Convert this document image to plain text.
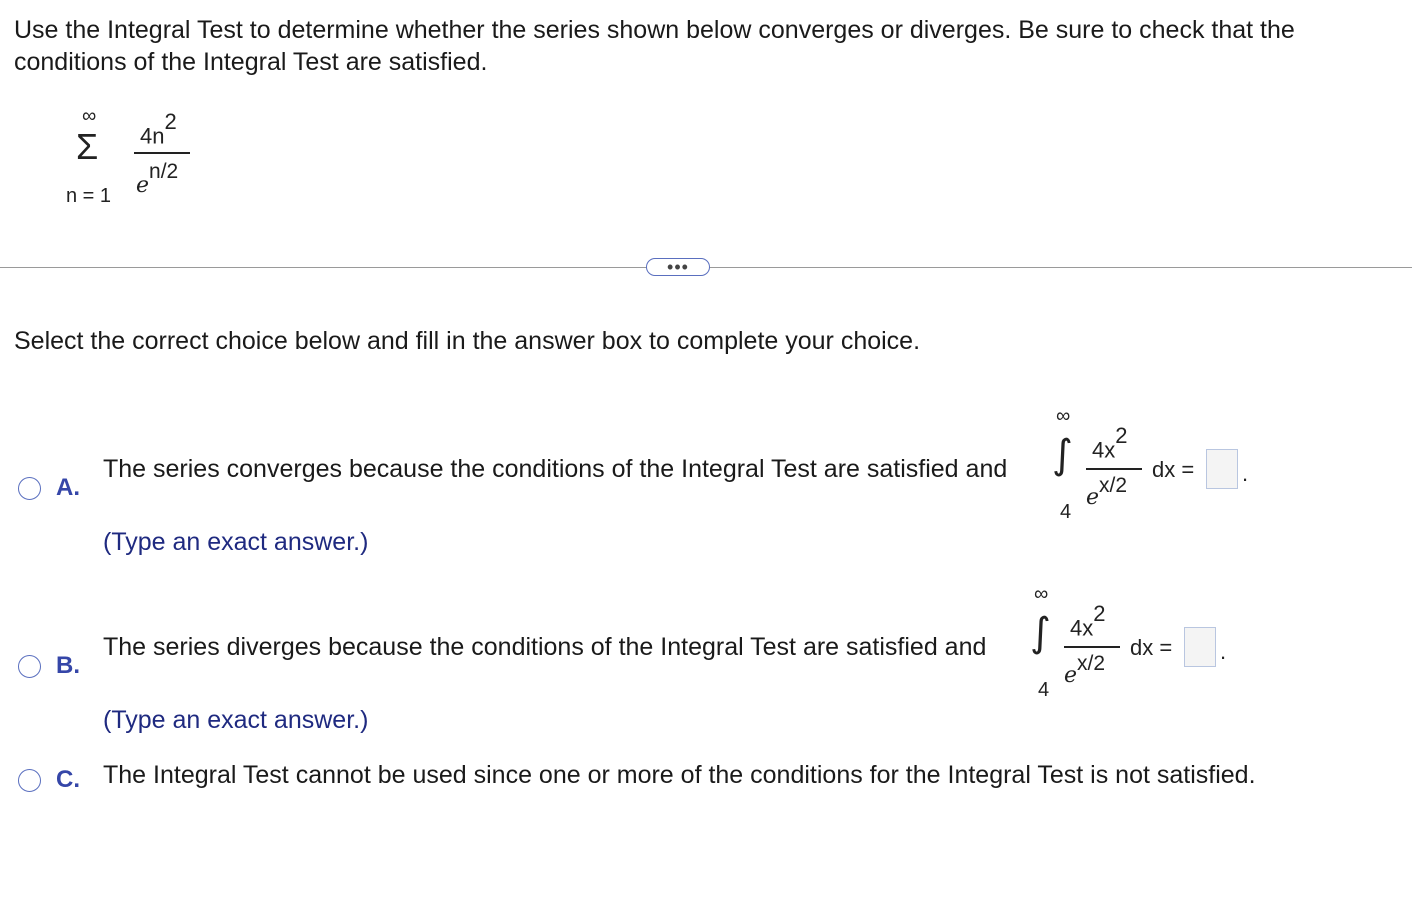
Use the Integral Test to determine whether the series shown below converges or diverges. Be sure to check that the conditions of the Integral Test are satisfied.
∞
Σ
n = 1
$4n^2$
en/2
•••
Select the correct choice below and fill in the answer box to complete your choice.
A.
The series converges because the conditions of the Integral Test are satisfied and
∞
∫
4
$4x^2$
ex/2
dx = .
(Type an exact answer.)
B.
The series diverges because the conditions of the Integral Test are satisfied and
∞
∫
4
$4x^2$
ex/2
dx = .
(Type an exact answer.)
C. The Integral Test cannot be used since one or more of the conditions for the Integral Test is not satisfied.
